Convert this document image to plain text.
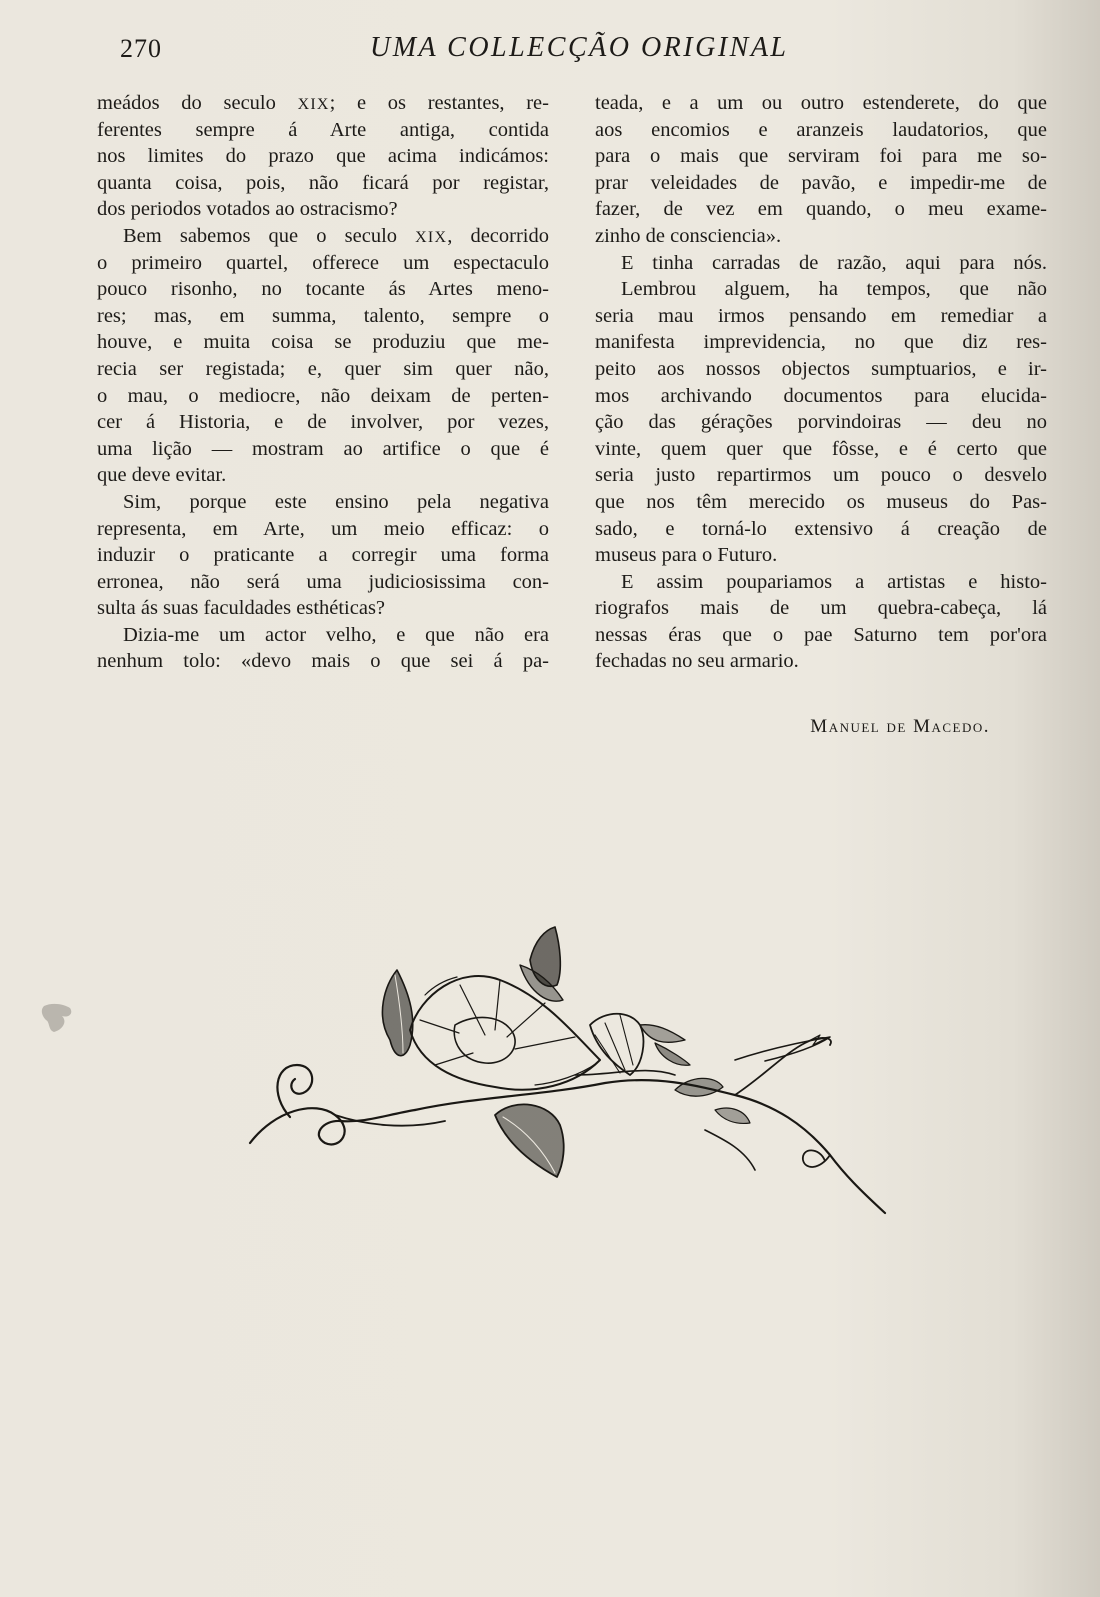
270	UMA COLLECÇÃO ORIGINAL
meádos do seculo XIX; e os restantes, re-
ferentes sempre á Arte antiga, contida
nos limites do prazo que acima indicámos:
quanta coisa, pois, não ficará por registar,
dos periodos votados ao ostracismo?
Bem sabemos que o seculo XIX, decorrido
o primeiro quartel, offerece um espectaculo
pouco risonho, no tocante ás Artes meno-
res; mas, em summa, talento, sempre o
houve, e muita coisa se produziu que me-
recia ser registada; e, quer sim quer não,
o mau, o mediocre, não deixam de perten-
cer á Historia, e de involver, por vezes,
uma lição — mostram ao artifice o que é
que deve evitar.
Sim, porque este ensino pela negativa
representa, em Arte, um meio efficaz: o
induzir o praticante a corregir uma forma
erronea, não será uma judiciosissima con-
sulta ás suas faculdades esthéticas?
Dizia-me um actor velho, e que não era
nenhum tolo: «devo mais o que sei á pa-
teada, e a um ou outro estenderete, do que
aos encomios e aranzeis laudatorios, que
para o mais que serviram foi para me so-
prar veleidades de pavão, e impedir-me de
fazer, de vez em quando, o meu exame-
zinho de consciencia».
E tinha carradas de razão, aqui para nós.
Lembrou alguem, ha tempos, que não
seria mau irmos pensando em remediar a
manifesta imprevidencia, no que diz res-
peito aos nossos objectos sumptuarios, e ir-
mos archivando documentos para elucida-
ção das gérações porvindoiras — deu no
vinte, quem quer que fôsse, e é certo que
seria justo repartirmos um pouco o desvelo
que nos têm merecido os museus do Pas-
sado, e torná-lo extensivo á creação de
museus para o Futuro.
E assim poupariamos a artistas e histo-
riografos mais de um quebra-cabeça, lá
nessas éras que o pae Saturno tem por'ora
fechadas no seu armario.
Manuel de Macedo.
